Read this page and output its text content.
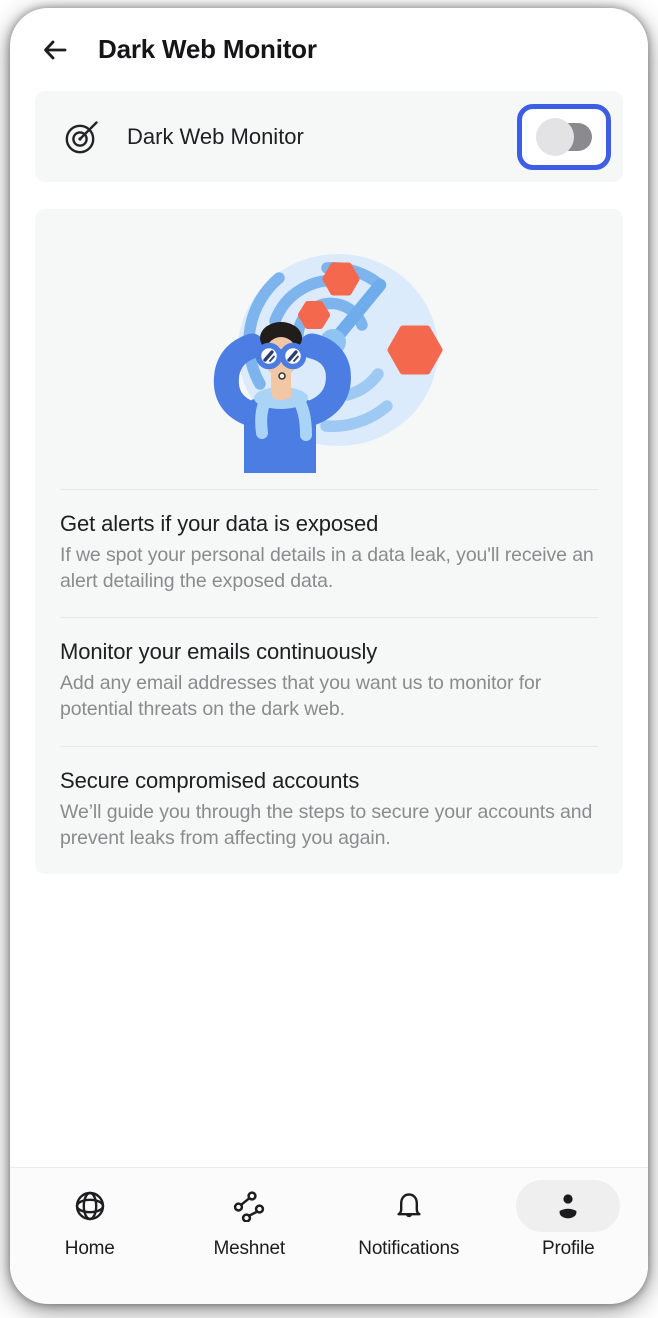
Dark Web Monitor
Dark Web Monitor
Get alerts if your data is exposed

If we spot your personal details in a data leak, you'll receive an alert detailing the exposed data.

Monitor your emails continuously

Add any email addresses that you want us to monitor for potential threats on the dark web.

Secure compromised accounts

We’ll guide you through the steps to secure your accounts and prevent leaks from affecting you again.

Home	Meshnet	Notifications	Profile
